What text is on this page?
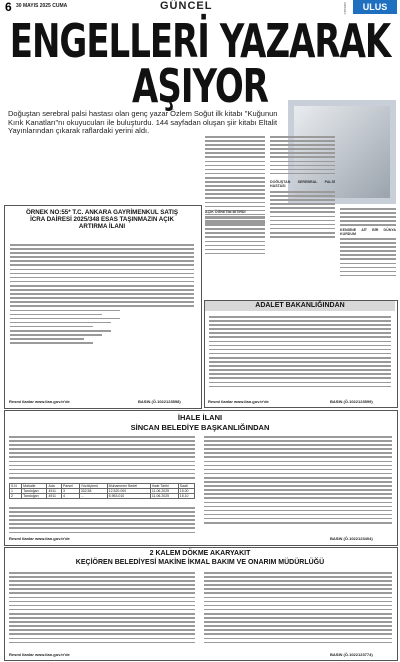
6 30 MAYIS 2025 CUMA	GÜNCEL	ANKARA	ULUS
ENGELLERİ YAZARAK
AŞIYOR
Doğuştan serebral palsi hastası olan genç yazar Özlem Soğut ilk kitabı "Kuğunun Kırık Kanatları"nı okuyucuları ile buluşturdu. 144 sayfadan oluşan şiir kitabı Eltalit Yayınlarından çıkarak raflardaki yerini aldı.
ÖRNEK NO:55* T.C. ANKARA GAYRİMENKUL SATIŞ İCRA DAİRESİ 2025/348 ESAS TAŞINMAZIN AÇIK ARTIRMA İLANI
Resmi ilanlar www.ilan.gov.tr'de	BASIN (Ö.1022123598)
AÇIK ÖĞRETİM BİTİRDİ
DOĞUŞTAN SEREBRAL PALSİ HASTASI
KENDİNE AİT BİR DÜNYA KURDUM
ADALET BAKANLIĞINDAN
Resmi ilanlar www.ilan.gov.tr'de	BASIN (Ö.1022123599)
İHALE İLANI
SİNCAN BELEDİYE BAŞKANLIĞINDAN
S.N	Mahalle	Ada	Parsel	Yüzölçümü	Muhammen Bedel	İhale Tarihi	Saati
1	Tandoğan	4911	3	332,58	12.520.000	11.06.2025	15.00
2	Tandoğan	4911	4	...	5.953.010	11.06.2025	15.10
Resmi ilanlar www.ilan.gov.tr'de	BASIN (Ö.1022123404)
2 KALEM DÖKME AKARYAKIT
KEÇİÖREN BELEDİYESİ MAKİNE İKMAL BAKIM VE ONARIM MÜDÜRLÜĞÜ
Resmi ilanlar www.ilan.gov.tr'de	BASIN (Ö.1022123774)
